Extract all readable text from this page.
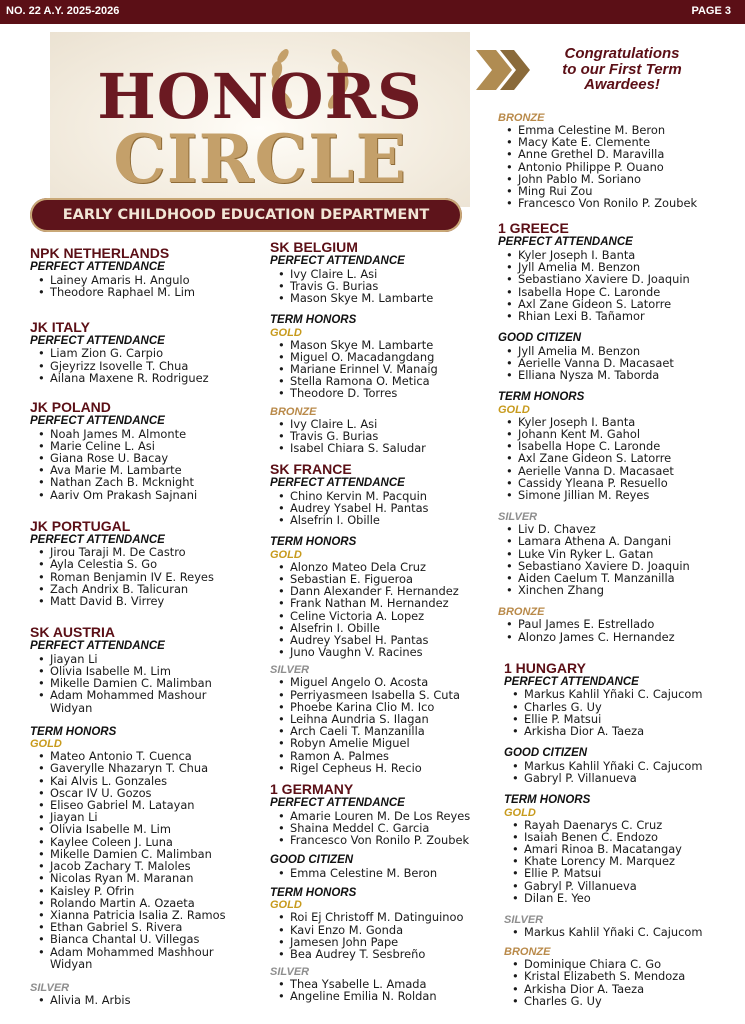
NO. 22 A.Y. 2025-2026	PAGE 3
HONORS
CIRCLE
EARLY CHILDHOOD EDUCATION DEPARTMENT
Congratulations
to our First Term
Awardees!
NPK NETHERLANDS
PERFECT ATTENDANCE
• Lainey Amaris H. Angulo
• Theodore Raphael M. Lim
JK ITALY
PERFECT ATTENDANCE
• Liam Zion G. Carpio
• Gjeyrizz Isovelle T. Chua
• Ailana Maxene R. Rodriguez
JK POLAND
PERFECT ATTENDANCE
• Noah James M. Almonte
• Marie Celine L. Asi
• Giana Rose U. Bacay
• Ava Marie M. Lambarte
• Nathan Zach B. Mcknight
• Aariv Om Prakash Sajnani
JK PORTUGAL
PERFECT ATTENDANCE
• Jirou Taraji M. De Castro
• Ayla Celestia S. Go
• Roman Benjamin IV E. Reyes
• Zach Andrix B. Talicuran
• Matt David B. Virrey
SK AUSTRIA
PERFECT ATTENDANCE
• Jiayan Li
• Olivia Isabelle M. Lim
• Mikelle Damien C. Malimban
• Adam Mohammed Mashour Widyan
TERM HONORS
GOLD
• Mateo Antonio T. Cuenca
• Gaverylle Nhazaryn T. Chua
• Kai Alvis L. Gonzales
• Oscar IV U. Gozos
• Eliseo Gabriel M. Latayan
• Jiayan Li
• Olivia Isabelle M. Lim
• Kaylee Coleen J. Luna
• Mikelle Damien C. Malimban
• Jacob Zachary T. Maloles
• Nicolas Ryan M. Maranan
• Kaisley P. Ofrin
• Rolando Martin A. Ozaeta
• Xianna Patricia Isalia Z. Ramos
• Ethan Gabriel S. Rivera
• Bianca Chantal U. Villegas
• Adam Mohammed Mashhour Widyan
SILVER
• Alivia M. Arbis
SK BELGIUM
PERFECT ATTENDANCE
• Ivy Claire L. Asi
• Travis G. Burias
• Mason Skye M. Lambarte
TERM HONORS
GOLD
• Mason Skye M. Lambarte
• Miguel O. Macadangdang
• Mariane Erinnel V. Manaig
• Stella Ramona O. Metica
• Theodore D. Torres
BRONZE
• Ivy Claire L. Asi
• Travis G. Burias
• Isabel Chiara S. Saludar
SK FRANCE
PERFECT ATTENDANCE
• Chino Kervin M. Pacquin
• Audrey Ysabel H. Pantas
• Alsefrin I. Obille
TERM HONORS
GOLD
• Alonzo Mateo Dela Cruz
• Sebastian E. Figueroa
• Dann Alexander F. Hernandez
• Frank Nathan M. Hernandez
• Celine Victoria A. Lopez
• Alsefrin I. Obille
• Audrey Ysabel H. Pantas
• Juno Vaughn V. Racines
SILVER
• Miguel Angelo O. Acosta
• Perriyasmeen Isabella S. Cuta
• Phoebe Karina Clio M. Ico
• Leihna Aundria S. Ilagan
• Arch Caeli T. Manzanilla
• Robyn Amelie Miguel
• Ramon A. Palmes
• Rigel Cepheus H. Recio
1 GERMANY
PERFECT ATTENDANCE
• Amarie Louren M. De Los Reyes
• Shaina Meddel C. Garcia
• Francesco Von Ronilo P. Zoubek
GOOD CITIZEN
• Emma Celestine M. Beron
TERM HONORS
GOLD
• Roi Ej Christoff M. Datinguinoo
• Kavi Enzo M. Gonda
• Jamesen John Pape
• Bea Audrey T. Sesbreño
SILVER
• Thea Ysabelle L. Amada
• Angeline Emilia N. Roldan
BRONZE
• Emma Celestine M. Beron
• Macy Kate E. Clemente
• Anne Grethel D. Maravilla
• Antonio Philippe P. Ouano
• John Pablo M. Soriano
• Ming Rui Zou
• Francesco Von Ronilo P. Zoubek
1 GREECE
PERFECT ATTENDANCE
• Kyler Joseph I. Banta
• Jyll Amelia M. Benzon
• Sebastiano Xaviere D. Joaquin
• Isabella Hope C. Laronde
• Axl Zane Gideon S. Latorre
• Rhian Lexi B. Tañamor
GOOD CITIZEN
• Jyll Amelia M. Benzon
• Aerielle Vanna D. Macasaet
• Elliana Nysza M. Taborda
TERM HONORS
GOLD
• Kyler Joseph I. Banta
• Johann Kent M. Gahol
• Isabella Hope C. Laronde
• Axl Zane Gideon S. Latorre
• Aerielle Vanna D. Macasaet
• Cassidy Yleana P. Resuello
• Simone Jillian M. Reyes
SILVER
• Liv D. Chavez
• Lamara Athena A. Dangani
• Luke Vin Ryker L. Gatan
• Sebastiano Xaviere D. Joaquin
• Aiden Caelum T. Manzanilla
• Xinchen Zhang
BRONZE
• Paul James E. Estrellado
• Alonzo James C. Hernandez
1 HUNGARY
PERFECT ATTENDANCE
• Markus Kahlil Yñaki C. Cajucom
• Charles G. Uy
• Ellie P. Matsui
• Arkisha Dior A. Taeza
GOOD CITIZEN
• Markus Kahlil Yñaki C. Cajucom
• Gabryl P. Villanueva
TERM HONORS
GOLD
• Rayah Daenarys C. Cruz
• Isaiah Benen C. Endozo
• Amari Rinoa B. Macatangay
• Khate Lorency M. Marquez
• Ellie P. Matsui
• Gabryl P. Villanueva
• Dilan E. Yeo
SILVER
• Markus Kahlil Yñaki C. Cajucom
BRONZE
• Dominique Chiara C. Go
• Kristal Elizabeth S. Mendoza
• Arkisha Dior A. Taeza
• Charles G. Uy
